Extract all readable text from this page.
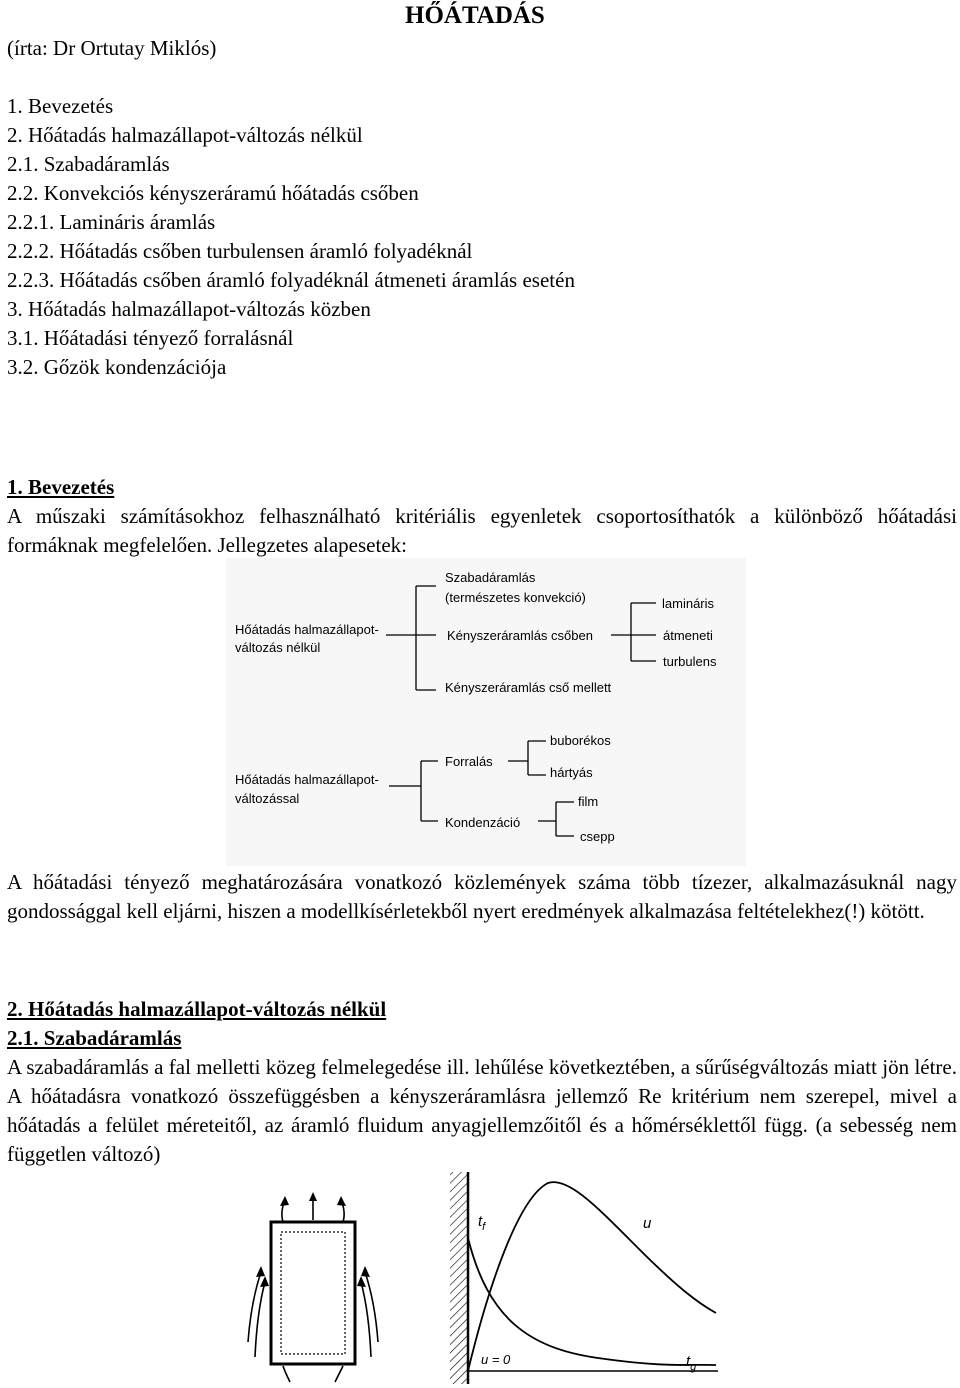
HŐÁTADÁS
(írta: Dr Ortutay Miklós)
1. Bevezetés
2. Hőátadás halmazállapot-változás nélkül
2.1. Szabadáramlás
2.2. Konvekciós kényszeráramú hőátadás csőben
2.2.1. Lamináris áramlás
2.2.2. Hőátadás csőben turbulensen áramló folyadéknál
2.2.3. Hőátadás csőben áramló folyadéknál átmeneti áramlás esetén
3. Hőátadás halmazállapot-változás közben
3.1. Hőátadási tényező forralásnál
3.2. Gőzök kondenzációja
1. Bevezetés
A műszaki számításokhoz felhasználható kritériális egyenletek csoportosíthatók a különböző hőátadási formáknak megfelelően. Jellegzetes alapesetek:
Hőátadás halmazállapot-
változás nélkül
Szabadáramlás
(természetes konvekció)
Kényszeráramlás csőben
Kényszeráramlás cső mellett
lamináris
átmeneti
turbulens
Hőátadás halmazállapot-
változással
Forralás
Kondenzáció
buborékos
hártyás
film
csepp
A hőátadási tényező meghatározására vonatkozó közlemények száma több tízezer, alkalmazásuknál nagy gondossággal kell eljárni, hiszen a modellkísérletekből nyert eredmények alkalmazása feltételekhez(!) kötött.
2. Hőátadás halmazállapot-változás nélkül
2.1. Szabadáramlás
A szabadáramlás a fal melletti közeg felmelegedése ill. lehűlése következtében, a sűrűségváltozás miatt jön létre. A hőátadásra vonatkozó összefüggésben a kényszeráramlásra jellemző Re kritérium nem szerepel, mivel a hőátadás a felület méreteitől, az áramló fluidum anyagjellemzőitől és a hőmérséklettől függ. (a sebesség nem független változó)
$t_f$	u
u = 0	$t_g$
